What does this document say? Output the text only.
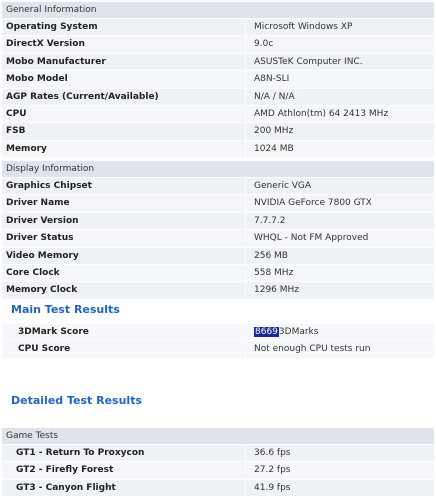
General Information
Operating System	Microsoft Windows XP
DirectX Version	9.0c
Mobo Manufacturer	ASUSTeK Computer INC.
Mobo Model	A8N-SLI
AGP Rates (Current/Available)	N/A / N/A
CPU	AMD Athlon(tm) 64 2413 MHz
FSB	200 MHz
Memory	1024 MB
Display Information
Graphics Chipset	Generic VGA
Driver Name	NVIDIA GeForce 7800 GTX
Driver Version	7.7.7.2
Driver Status	WHQL - Not FM Approved
Video Memory	256 MB
Core Clock	558 MHz
Memory Clock	1296 MHz
Main Test Results
3DMark Score	86693DMarks
CPU Score	Not enough CPU tests run
Detailed Test Results
Game Tests
GT1 - Return To Proxycon	36.6 fps
GT2 - Firefly Forest	27.2 fps
GT3 - Canyon Flight	41.9 fps
